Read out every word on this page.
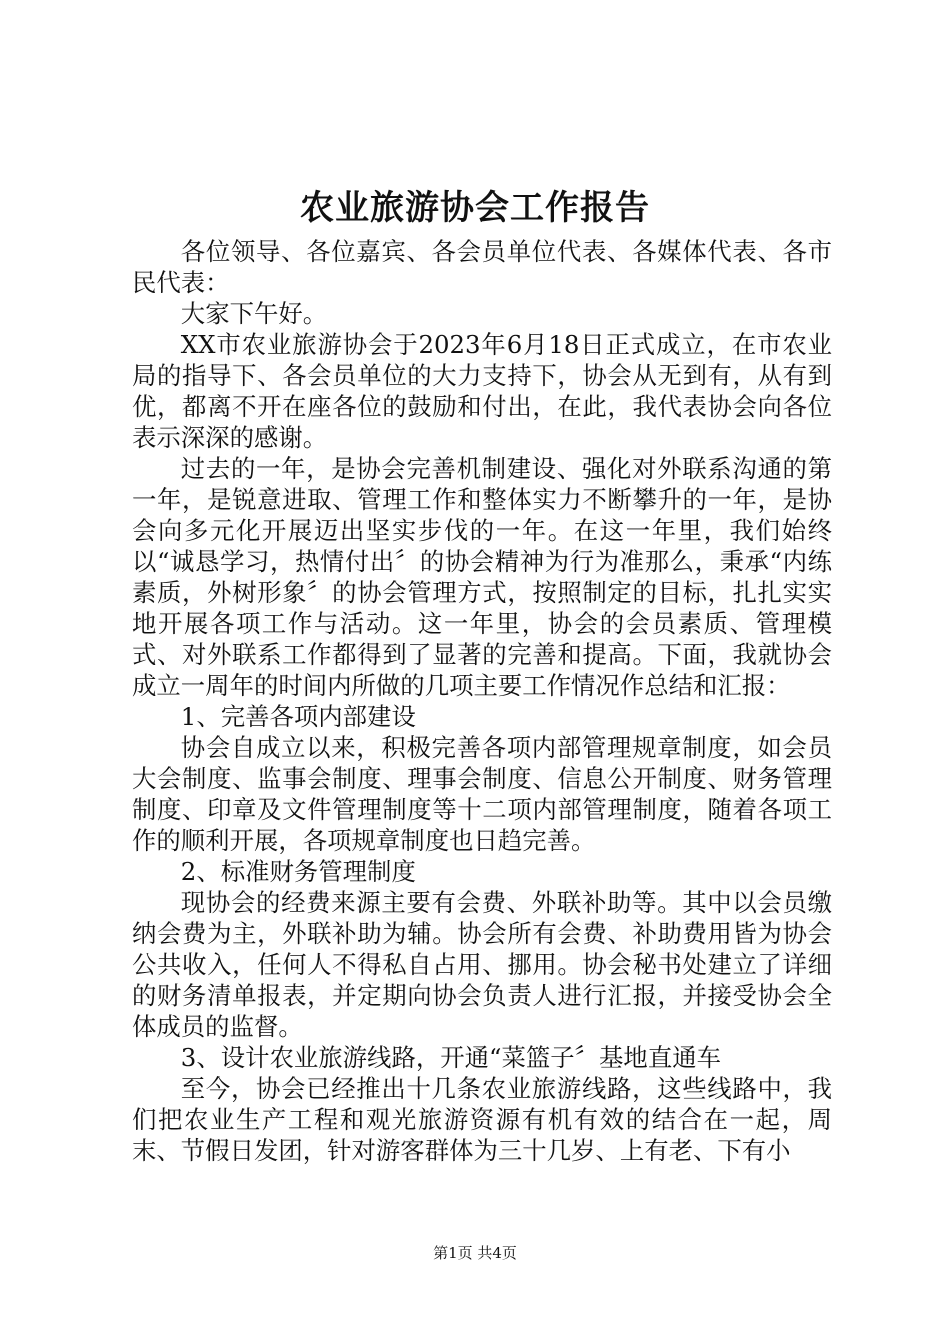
农业旅游协会工作报告

各位领导、各位嘉宾、各会员单位代表、各媒体代表、各市民代表：

大家下午好。

XX市农业旅游协会于2023年6月18日正式成立，在市农业局的指导下、各会员单位的大力支持下，协会从无到有，从有到优，都离不开在座各位的鼓励和付出，在此，我代表协会向各位表示深深的感谢。

过去的一年，是协会完善机制建设、强化对外联系沟通的第一年，是锐意进取、管理工作和整体实力不断攀升的一年，是协会向多元化开展迈出坚实步伐的一年。在这一年里，我们始终以“诚恳学习，热情付出〞的协会精神为行为准那么，秉承“内练素质，外树形象〞的协会管理方式，按照制定的目标，扎扎实实地开展各项工作与活动。这一年里，协会的会员素质、管理模式、对外联系工作都得到了显著的完善和提高。下面，我就协会成立一周年的时间内所做的几项主要工作情况作总结和汇报：

1、完善各项内部建设

协会自成立以来，积极完善各项内部管理规章制度，如会员大会制度、监事会制度、理事会制度、信息公开制度、财务管理制度、印章及文件管理制度等十二项内部管理制度，随着各项工作的顺利开展，各项规章制度也日趋完善。

2、标准财务管理制度

现协会的经费来源主要有会费、外联补助等。其中以会员缴纳会费为主，外联补助为辅。协会所有会费、补助费用皆为协会公共收入，任何人不得私自占用、挪用。协会秘书处建立了详细的财务清单报表，并定期向协会负责人进行汇报，并接受协会全体成员的监督。

3、设计农业旅游线路，开通“菜篮子〞基地直通车

至今，协会已经推出十几条农业旅游线路，这些线路中，我们把农业生产工程和观光旅游资源有机有效的结合在一起，周末、节假日发团，针对游客群体为三十几岁、上有老、下有小

第1页 共4页
